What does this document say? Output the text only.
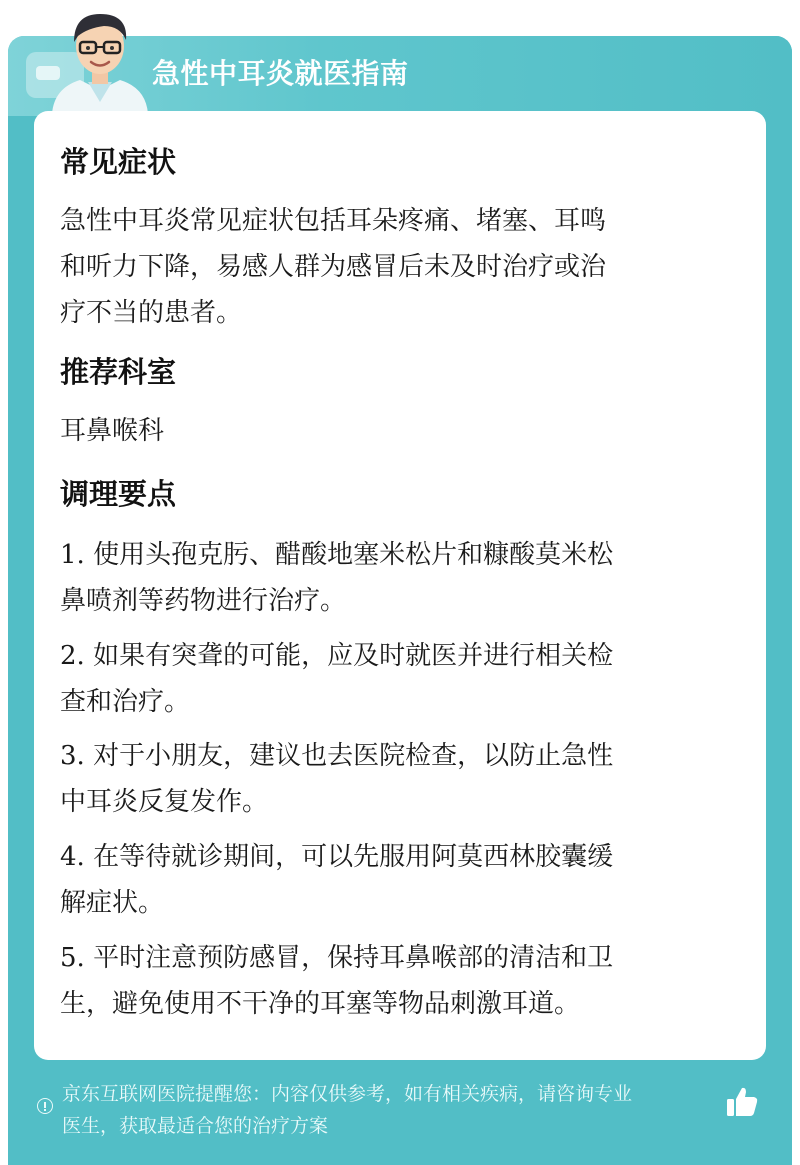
急性中耳炎就医指南
常见症状
急性中耳炎常见症状包括耳朵疼痛、堵塞、耳鸣
和听力下降，易感人群为感冒后未及时治疗或治
疗不当的患者。
推荐科室
耳鼻喉科
调理要点
1. 使用头孢克肟、醋酸地塞米松片和糠酸莫米松
鼻喷剂等药物进行治疗。
2. 如果有突聋的可能，应及时就医并进行相关检
查和治疗。
3. 对于小朋友，建议也去医院检查，以防止急性
中耳炎反复发作。
4. 在等待就诊期间，可以先服用阿莫西林胶囊缓
解症状。
5. 平时注意预防感冒，保持耳鼻喉部的清洁和卫
生，避免使用不干净的耳塞等物品刺激耳道。
京东互联网医院提醒您：内容仅供参考，如有相关疾病，请咨询专业
医生，获取最适合您的治疗方案
